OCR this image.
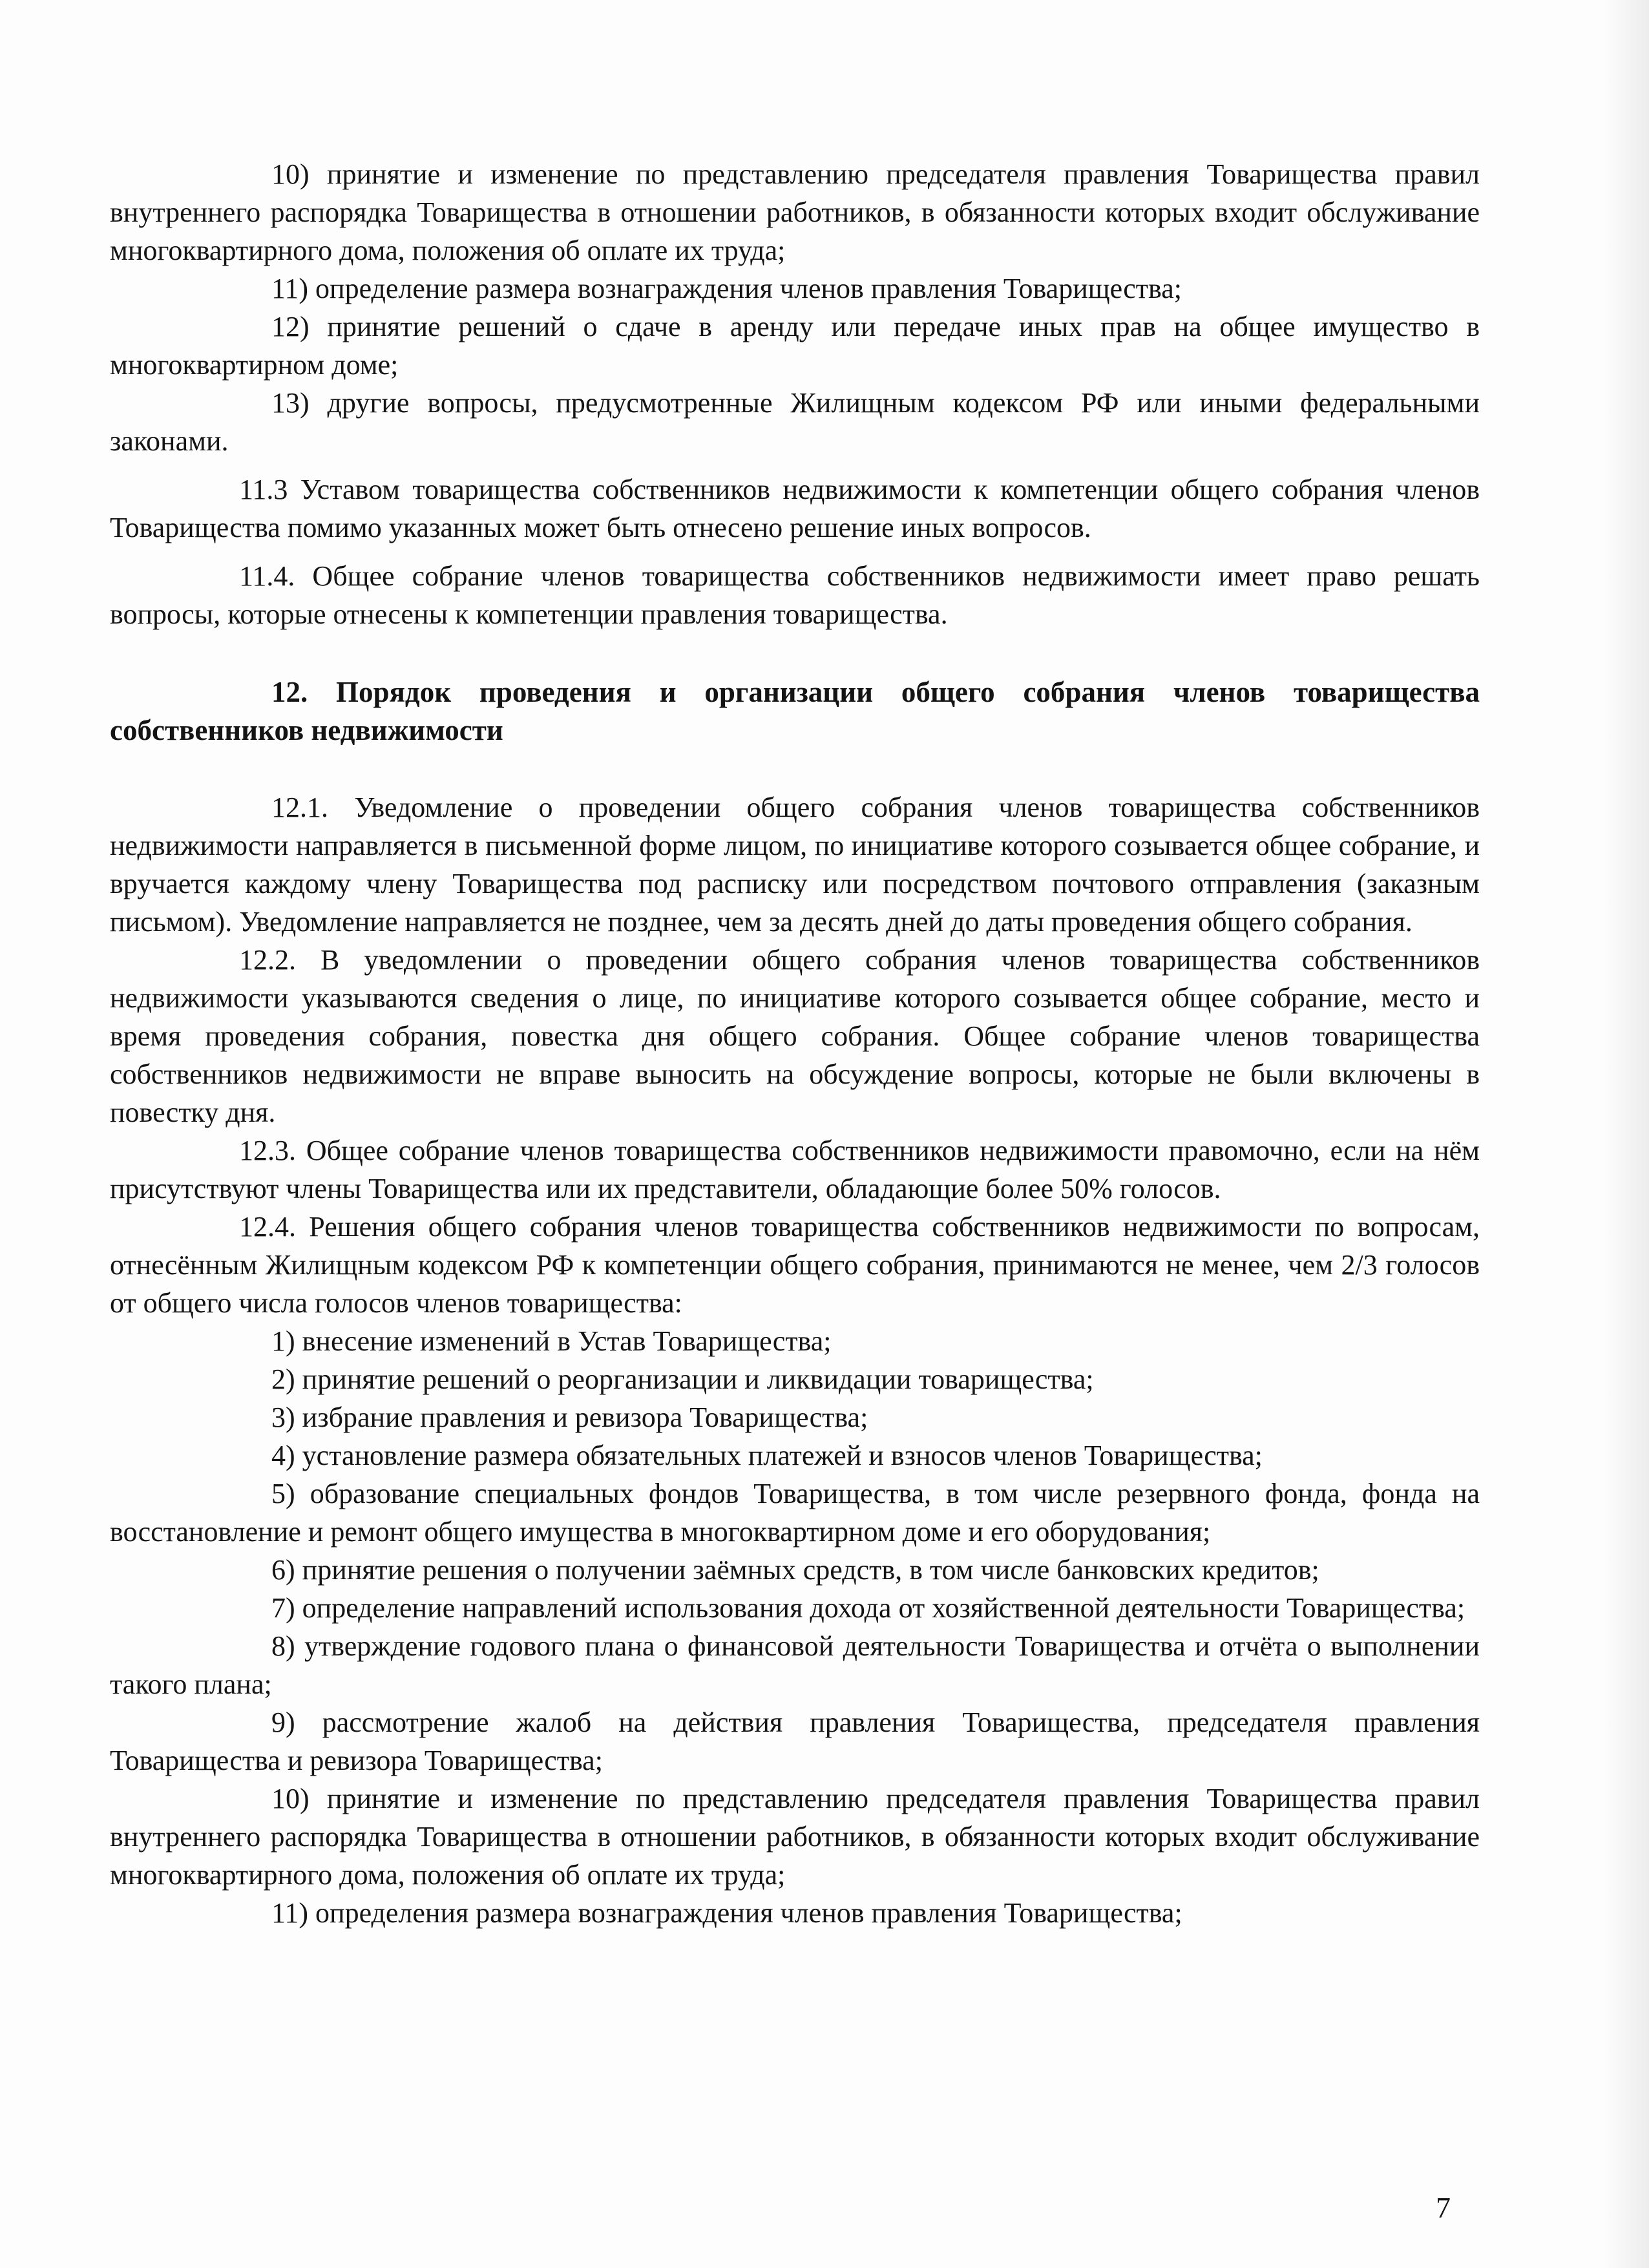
10) принятие и изменение по представлению председателя правления Товарищества правил внутреннего распорядка Товарищества в отношении работников, в обязанности которых входит обслуживание многоквартирного дома, положения об оплате их труда;

11) определение размера вознаграждения членов правления Товарищества;

12) принятие решений о сдаче в аренду или передаче иных прав на общее имущество в многоквартирном доме;

13) другие вопросы, предусмотренные Жилищным кодексом РФ или иными федеральными законами.

11.3 Уставом товарищества собственников недвижимости к компетенции общего собрания членов Товарищества помимо указанных может быть отнесено решение иных вопросов.

11.4. Общее собрание членов товарищества собственников недвижимости имеет право решать вопросы, которые отнесены к компетенции правления товарищества.

12. Порядок проведения и организации общего собрания членов товарищества собственников недвижимости

12.1. Уведомление о проведении общего собрания членов товарищества собственников недвижимости направляется в письменной форме лицом, по инициативе которого созывается общее собрание, и вручается каждому члену Товарищества под расписку или посредством почтового отправления (заказным письмом). Уведомление направляется не позднее, чем за десять дней до даты проведения общего собрания.

12.2. В уведомлении о проведении общего собрания членов товарищества собственников недвижимости указываются сведения о лице, по инициативе которого созывается общее собрание, место и время проведения собрания, повестка дня общего собрания. Общее собрание членов товарищества собственников недвижимости не вправе выносить на обсуждение вопросы, которые не были включены в повестку дня.

12.3. Общее собрание членов товарищества собственников недвижимости правомочно, если на нём присутствуют члены Товарищества или их представители, обладающие более 50% голосов.

12.4. Решения общего собрания членов товарищества собственников недвижимости по вопросам, отнесённым Жилищным кодексом РФ к компетенции общего собрания, принимаются не менее, чем 2/3 голосов от общего числа голосов членов товарищества:

1) внесение изменений в Устав Товарищества;

2) принятие решений о реорганизации и ликвидации товарищества;

3) избрание правления и ревизора Товарищества;

4) установление размера обязательных платежей и взносов членов Товарищества;

5) образование специальных фондов Товарищества, в том числе резервного фонда, фонда на восстановление и ремонт общего имущества в многоквартирном доме и его оборудования;

6) принятие решения о получении заёмных средств, в том числе банковских кредитов;

7) определение направлений использования дохода от хозяйственной деятельности Товарищества;

8) утверждение годового плана о финансовой деятельности Товарищества и отчёта о выполнении такого плана;

9) рассмотрение жалоб на действия правления Товарищества, председателя правления Товарищества и ревизора Товарищества;

10) принятие и изменение по представлению председателя правления Товарищества правил внутреннего распорядка Товарищества в отношении работников, в обязанности которых входит обслуживание многоквартирного дома, положения об оплате их труда;

11) определения размера вознаграждения членов правления Товарищества;

7
